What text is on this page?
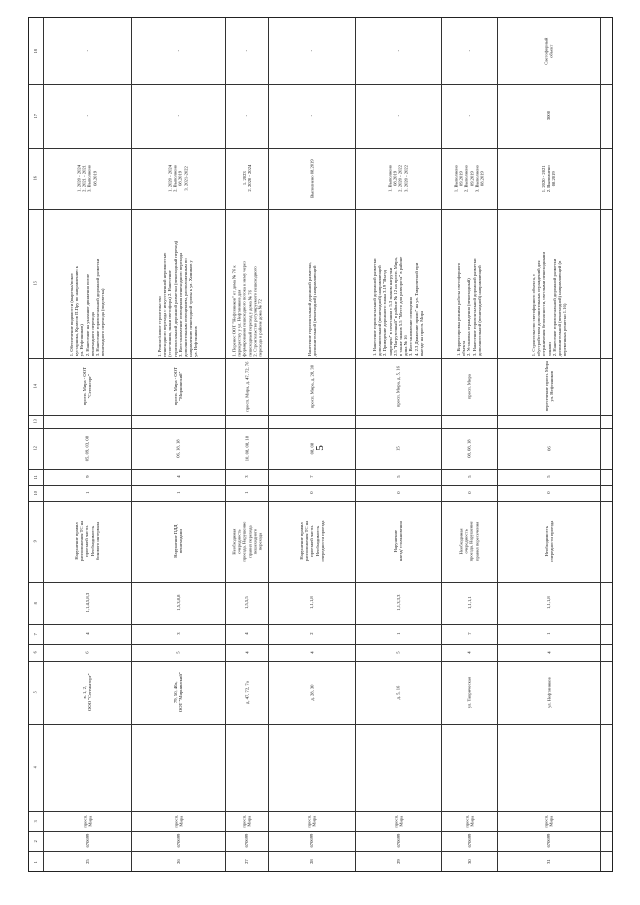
5
1
2
3
4
5
6
7
8
9
10
11
12
13
14
15
16
17
18
25
670699
просп. Мира
в. 1, 2,
ООО "Сегежаторг"
6
4
1,1,4,5,8,3
Нарушение правил
расположения ТС на
проезжей части.
Необходимость
бокового интервала
1
9
05, 09, 03, 08
просп. Мира - ООТ
"Сегежторг"
1. Обеспечение видимости (вырезка/покос
кустарника, Кравтов П.Пру по направлению к
ул. Нефтяников)
2. Нанесение на указание движения после
пешеходного перехода
3. Нанесение горизонтальной дорожной разметки
пешеходного перехода (подсветка)
1. 2020 - 2024
2. 2021 - 2021
3. Выполнено
08.2019
-
-
26
670699
просп. Мира
79, 50, 40а,
ООТ "Мирнинский"
5
3
1,5,3,8,8
Нарушение ПДД
пешеходами
1
4
06, 18, 18
просп. Мира - ООТ
"Мирнинский"
1. Ремонт/новое строительство
пешеходного перехода с искусственной неровностью
(стоп-линия, знаки светофора) 2. Нанесение
горизонтальной дорожной разметки (пешеходный переход)
3. Восстановление освещения пешеходного перехода
дополнительным освещением, расположенным по
направлению пешеходной тропы к ул. Химиков у
ул. Нефтяников
1. 2020 - 2024
2. Выполнено
08.2019
3. 2021-2022
-
-
27
670699
просп. Мира
д. 47, 72, 7а
4
4
1,5,5,5
Необходимая
очередность
проезда. Нарушение
правил перехода
пешеходного
перехода
1
3
10, 08, 08, 18
просп. Мира, д. 47, 72, 7б
1. Перенос ООТ "Нефтяников" от дома № 7б к
перекрестку у ул. Нефтяников для
формирования пешеходного потока к нему через
пешеходный переход у дома № 7б
2. Строительство регулируемого пешеходного
перехода в районе дома № 72
1. 2023
2. 2020 - 2024
-
-
28
670699
просп. Мира
д. 28, 30
4
2
1,1,1,8
Нарушение правил
расположения ТС на
проезжей части.
Необходимость
очередности проезда
0
7
08, 08
просп. Мира, д. 28, 30
Нанесение горизонтальной дорожной разметки,
дополнительной (пешеходной) направляющей
Выполнено 08.2019
-
-
29
670699
просп. Мира
д. 5, 16
5
1
1,1,3,3,3
Нарушение
наезд/ столкновения
0
5
15
просп. Мира, д. 5, 16
1. Нанесение горизонтальной дорожной разметки
дополнительной (пешеходной) направляющей
2. Приведение дорожного знака 3.19 "Въезд
запрещен" в сочетании с 5.3 знаком нагрузки
2.5 "Нагрузочный" в районе № 12 на просп. Мира,
в также знаков 5.5 "Место для разворота" в районе
дома № 16
3. Восстановление освещения
4. 2.3 Движение прямо" на ул. Таврической при
выезде на просп. Мира
1. Выполнено
08.2019
2. 2020 - 2022
3. 2020 - 2022
-
-
30
670699
просп. Мира
ул. Таврическая
4
7
1,1,1,1
Необходимая
очередность
проезда. Нарушение
правил пересечения
0
5
08, 08, 18
просп. Мира
1. Корректировка режима работы светофорного
объекта
2. Установка ограждения (пешеходный)
3. Нанесение горизонтальной дорожной разметки
дополнительной (пешеходной) направляющей
1. Выполнено
09.2019
2. Выполнено
09.2019
3. Выполнено
08.2019
-
-
31
670699
просп. Мира
ул. Нефтяников
4
1
1,1,1,8
Необходимость
очередности проезда
0
5
06
пересечение просп. Мира
ул. Нефтяников
1. Строительство светофорного объекта, с
обустройством дополнительных ограждений для
отграничения безопасности, светлыми пешеходными
зонами
2. Нанесение горизонтальной дорожной разметки
дополнительной (пешеходной) направляющей (в
переменных решетки 1.16)
1. 2020 - 2021
2. Выполнено
08.2019
3000
Светофорный
объект
